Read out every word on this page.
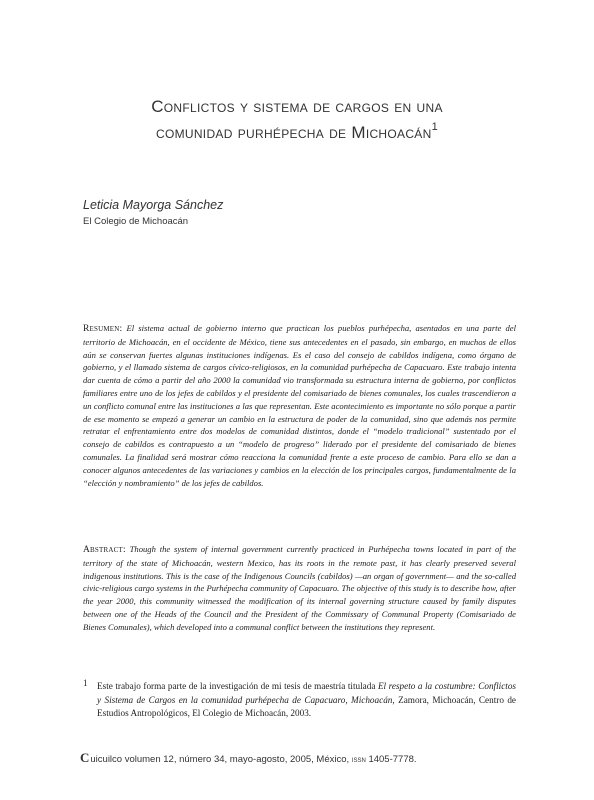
Conflictos y sistema de cargos en una
comunidad purhépecha de Michoacán$^1$
Leticia Mayorga Sánchez
El Colegio de Michoacán
Resumen: El sistema actual de gobierno interno que practican los pueblos purhépecha, asentados en una parte del territorio de Michoacán, en el occidente de México, tiene sus antecedentes en el pasado, sin embargo, en muchos de ellos aún se conservan fuertes algunas instituciones indígenas. Es el caso del consejo de cabildos indígena, como órgano de gobierno, y el llamado sistema de cargos cívico-religiosos, en la comunidad purhépecha de Capacuaro. Este trabajo intenta dar cuenta de cómo a partir del año 2000 la comunidad vio transformada su estructura interna de gobierno, por conflictos familiares entre uno de los jefes de cabildos y el presidente del comisariado de bienes comunales, los cuales trascendieron a un conflicto comunal entre las instituciones a las que representan. Este acontecimiento es importante no sólo porque a partir de ese momento se empezó a generar un cambio en la estructura de poder de la comunidad, sino que además nos permite retratar el enfrentamiento entre dos modelos de comunidad distintos, donde el “modelo tradicional” sustentado por el consejo de cabildos es contrapuesto a un “modelo de progreso” liderado por el presidente del comisariado de bienes comunales. La finalidad será mostrar cómo reacciona la comunidad frente a este proceso de cambio. Para ello se dan a conocer algunos antecedentes de las variaciones y cambios en la elección de los principales cargos, fundamentalmente de la “elección y nombramiento” de los jefes de cabildos.
Abstract: Though the system of internal government currently practiced in Purhépecha towns located in part of the territory of the state of Michoacán, western Mexico, has its roots in the remote past, it has clearly preserved several indigenous institutions. This is the case of the Indigenous Councils (cabildos) —an organ of government— and the so-called civic-religious cargo systems in the Purhépecha community of Capacuaro. The objective of this study is to describe how, after the year 2000, this community witnessed the modification of its internal governing structure caused by family disputes between one of the Heads of the Council and the President of the Commissary of Communal Property (Comisariado de Bienes Comunales), which developed into a communal conflict between the institutions they represent.
1	Este trabajo forma parte de la investigación de mi tesis de maestría titulada El respeto a la costumbre: Conflictos y Sistema de Cargos en la comunidad purhépecha de Capacuaro, Michoacán, Zamora, Michoacán, Centro de Estudios Antropológicos, El Colegio de Michoacán, 2003.
Cuicuilco volumen 12, número 34, mayo-agosto, 2005, México, issn 1405-7778.
